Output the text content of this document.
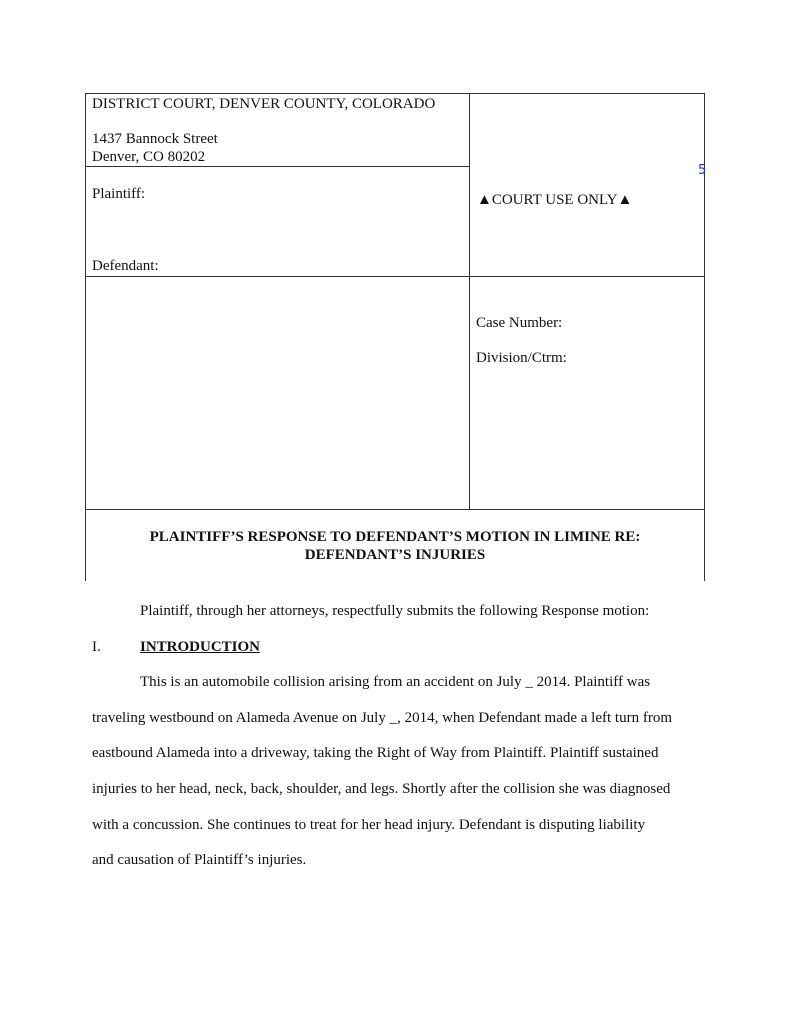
DISTRICT COURT, DENVER COUNTY, COLORADO
1437 Bannock Street
Denver, CO 80202
Plaintiff:
Defendant:
▲COURT USE ONLY▲
Case Number:
Division/Ctrm:
PLAINTIFF’S RESPONSE TO DEFENDANT’S MOTION IN LIMINE RE:
DEFENDANT’S INJURIES
5
Plaintiff, through her attorneys, respectfully submits the following Response motion:
I.	INTRODUCTION
This is an automobile collision arising from an accident on July _ 2014. Plaintiff was
traveling westbound on Alameda Avenue on July _, 2014, when Defendant made a left turn from
eastbound Alameda into a driveway, taking the Right of Way from Plaintiff. Plaintiff sustained
injuries to her head, neck, back, shoulder, and legs. Shortly after the collision she was diagnosed
with a concussion. She continues to treat for her head injury. Defendant is disputing liability
and causation of Plaintiff’s injuries.
